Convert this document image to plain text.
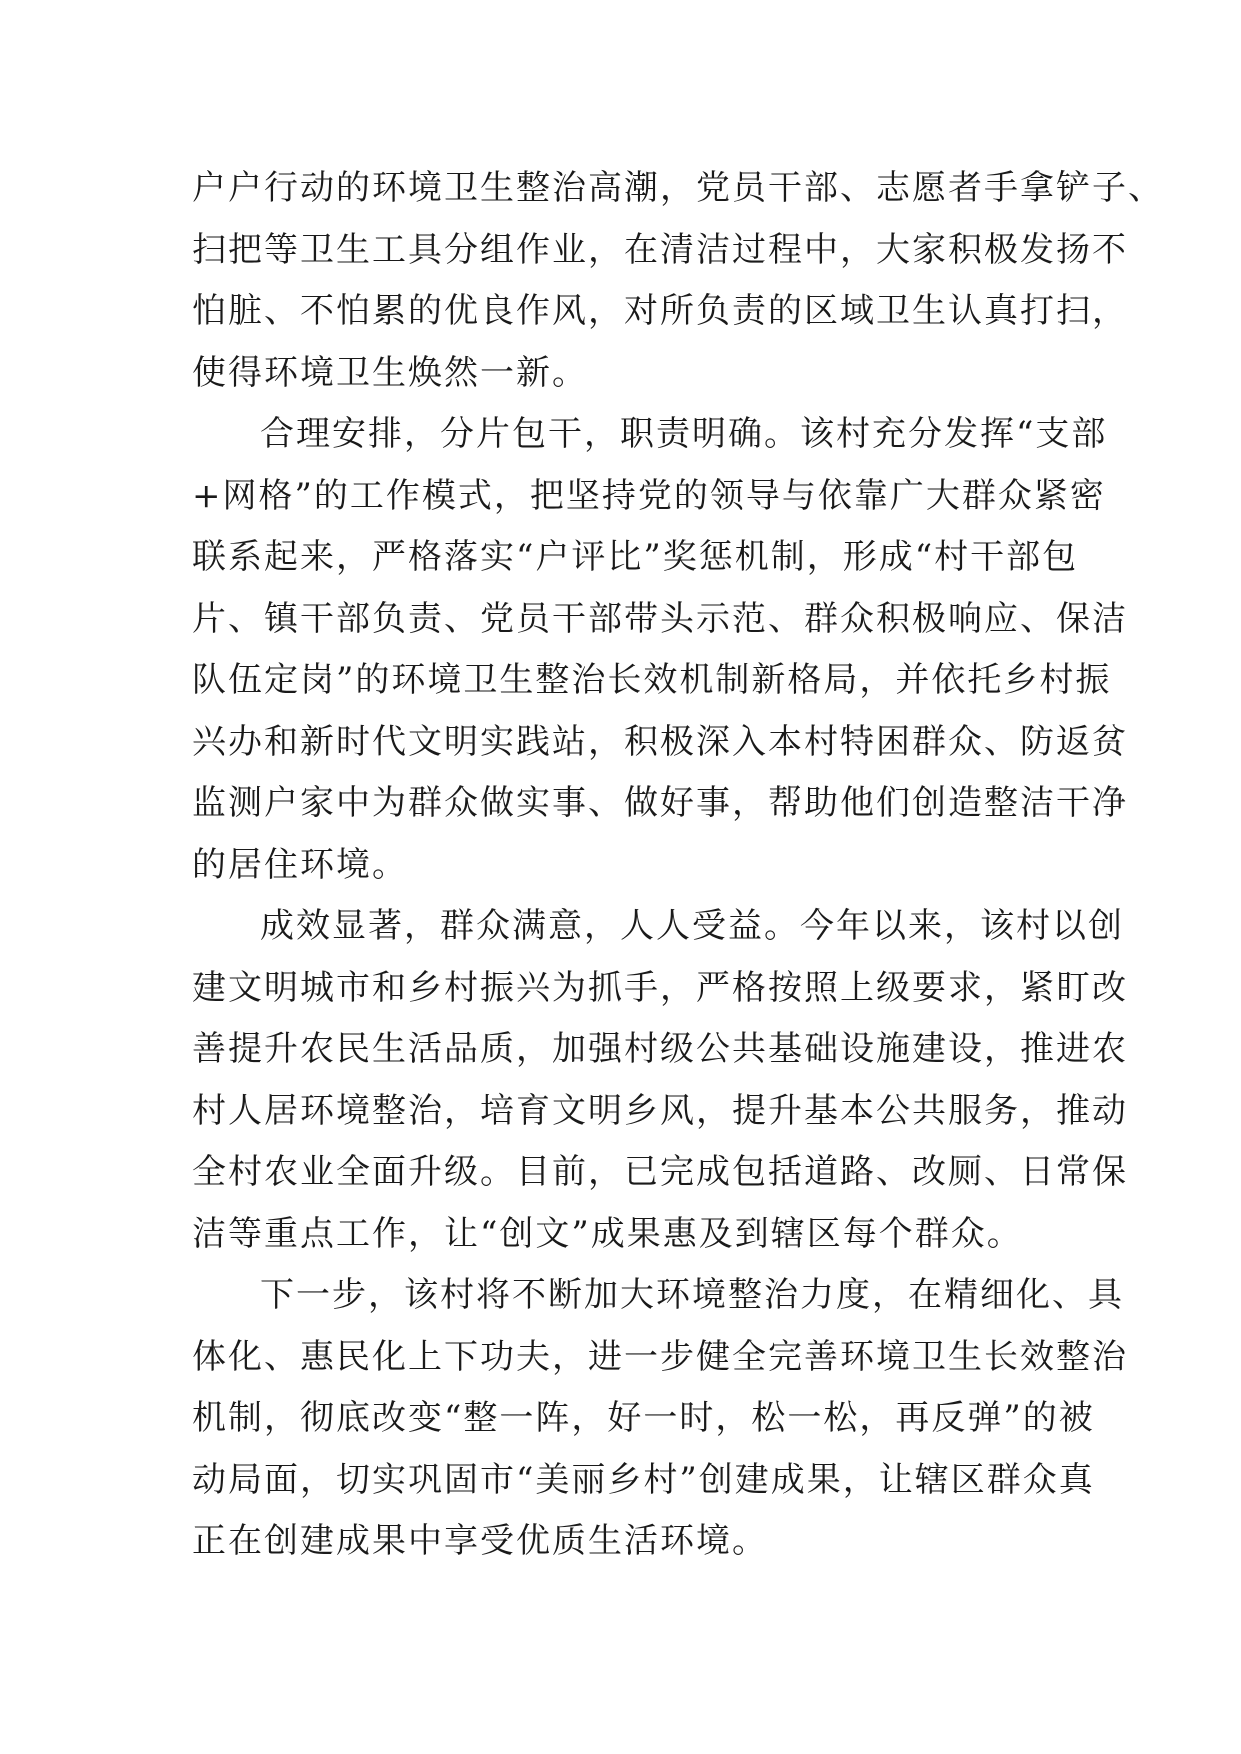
户户行动的环境卫生整治高潮，党员干部、志愿者手拿铲子、
扫把等卫生工具分组作业，在清洁过程中，大家积极发扬不
怕脏、不怕累的优良作风，对所负责的区域卫生认真打扫，
使得环境卫生焕然一新。
合理安排，分片包干，职责明确。该村充分发挥“支部
+网格”的工作模式，把坚持党的领导与依靠广大群众紧密
联系起来，严格落实“户评比”奖惩机制，形成“村干部包
片、镇干部负责、党员干部带头示范、群众积极响应、保洁
队伍定岗”的环境卫生整治长效机制新格局，并依托乡村振
兴办和新时代文明实践站，积极深入本村特困群众、防返贫
监测户家中为群众做实事、做好事，帮助他们创造整洁干净
的居住环境。
成效显著，群众满意，人人受益。今年以来，该村以创
建文明城市和乡村振兴为抓手，严格按照上级要求，紧盯改
善提升农民生活品质，加强村级公共基础设施建设，推进农
村人居环境整治，培育文明乡风，提升基本公共服务，推动
全村农业全面升级。目前，已完成包括道路、改厕、日常保
洁等重点工作，让“创文”成果惠及到辖区每个群众。
下一步，该村将不断加大环境整治力度，在精细化、具
体化、惠民化上下功夫，进一步健全完善环境卫生长效整治
机制，彻底改变“整一阵，好一时，松一松，再反弹”的被
动局面，切实巩固市“美丽乡村”创建成果，让辖区群众真
正在创建成果中享受优质生活环境。
